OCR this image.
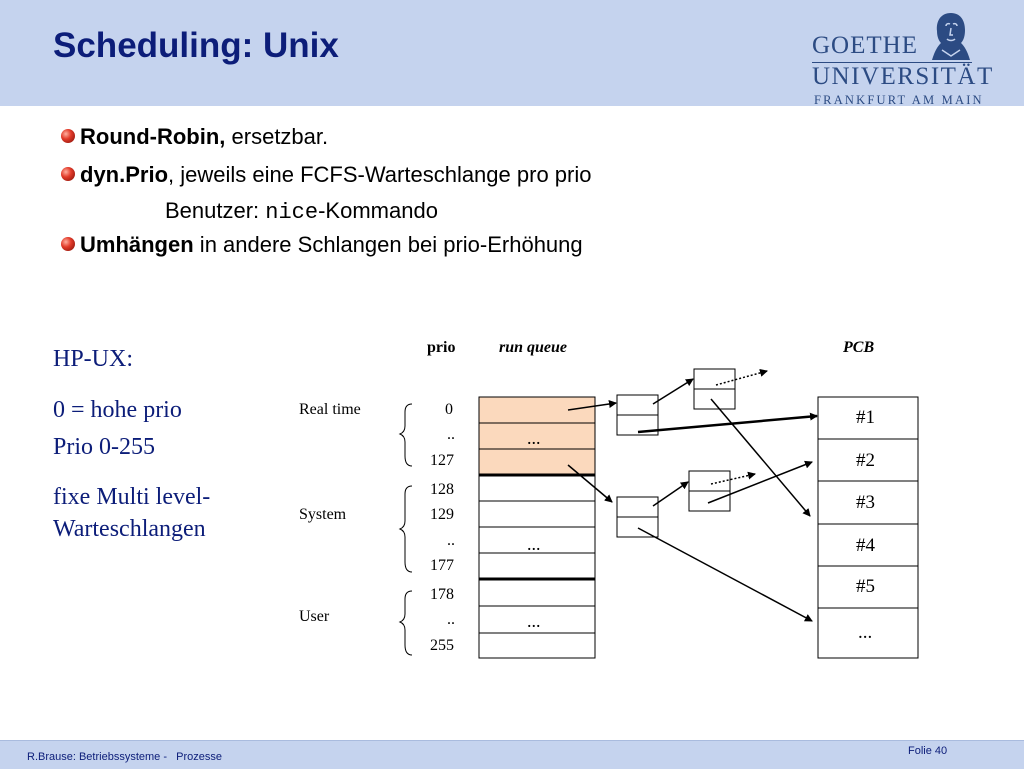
Scheduling: Unix	GOETHE
UNIVERSITÄT
FRANKFURT AM MAIN
Round-Robin, ersetzbar.
dyn.Prio, jeweils eine FCFS-Warteschlange pro prio
Benutzer: nice-Kommando
Umhängen in andere Schlangen bei prio-Erhöhung
HP-UX:
0 = hohe prio
Prio 0-255
fixe Multi level-
Warteschlangen
prio	run queue	PCB
Real time
System
User
0
..
127
128
129
..
177
178
..
255
...
...
...
#1
#2
#3
#4
#5
...
R.Brause: Betriebssysteme -   Prozesse	Folie 40
